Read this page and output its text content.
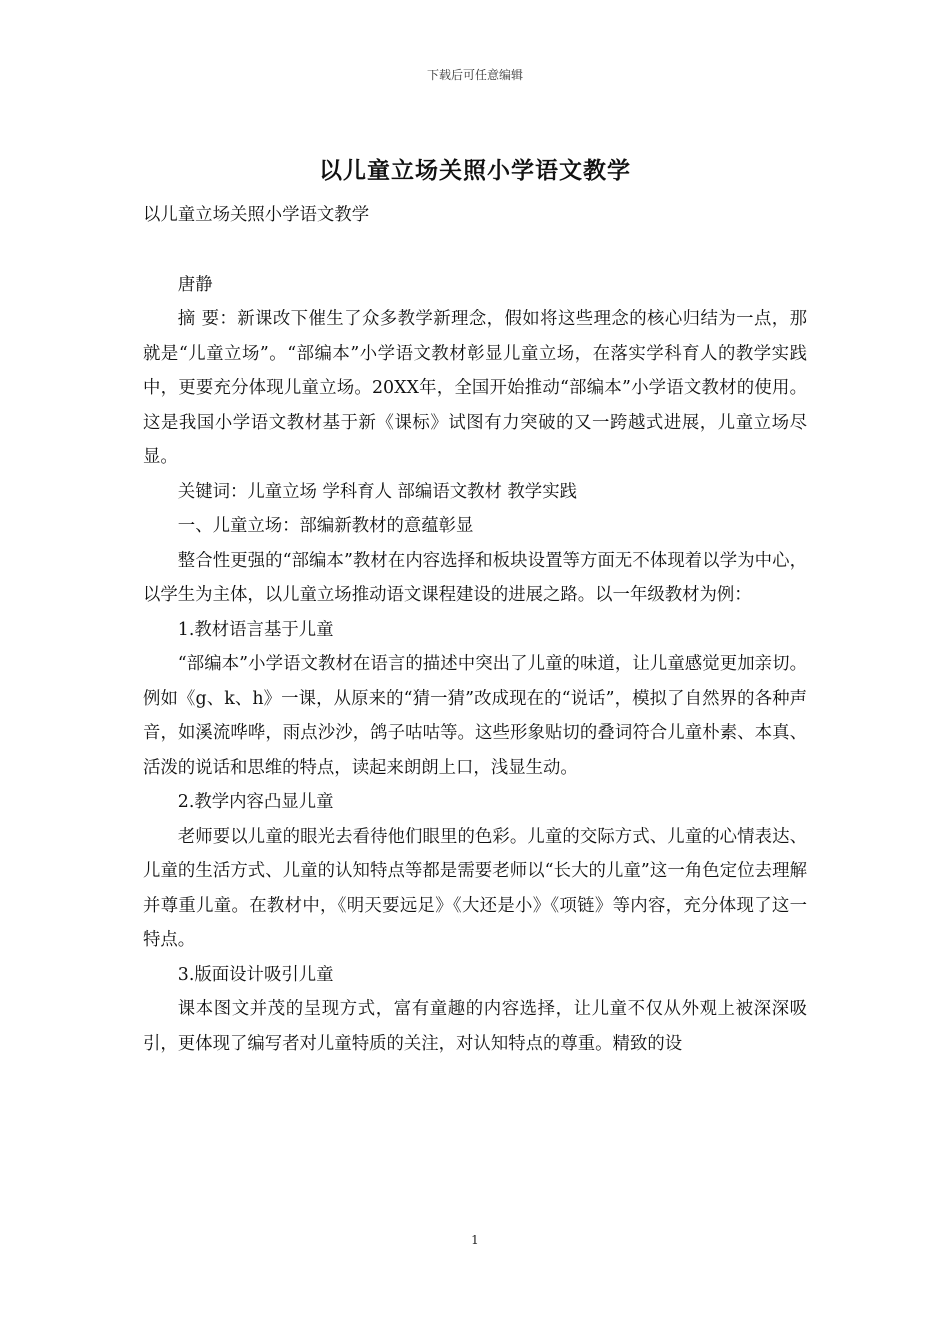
下载后可任意编辑
以儿童立场关照小学语文教学

以儿童立场关照小学语文教学

唐静

摘 要：新课改下催生了众多教学新理念，假如将这些理念的核心归结为一点，那就是“儿童立场”。“部编本”小学语文教材彰显儿童立场，在落实学科育人的教学实践中，更要充分体现儿童立场。20XX年，全国开始推动“部编本”小学语文教材的使用。这是我国小学语文教材基于新《课标》试图有力突破的又一跨越式进展，儿童立场尽显。

关键词：儿童立场 学科育人 部编语文教材 教学实践

一、儿童立场：部编新教材的意蕴彰显

整合性更强的“部编本”教材在内容选择和板块设置等方面无不体现着以学为中心，以学生为主体，以儿童立场推动语文课程建设的进展之路。以一年级教材为例：

1.教材语言基于儿童

“部编本”小学语文教材在语言的描述中突出了儿童的味道，让儿童感觉更加亲切。例如《g、k、h》一课，从原来的“猜一猜”改成现在的“说话”，模拟了自然界的各种声音，如溪流哗哗，雨点沙沙，鸽子咕咕等。这些形象贴切的叠词符合儿童朴素、本真、活泼的说话和思维的特点，读起来朗朗上口，浅显生动。

2.教学内容凸显儿童

老师要以儿童的眼光去看待他们眼里的色彩。儿童的交际方式、儿童的心情表达、儿童的生活方式、儿童的认知特点等都是需要老师以“长大的儿童”这一角色定位去理解并尊重儿童。在教材中，《明天要远足》《大还是小》《项链》等内容，充分体现了这一特点。

3.版面设计吸引儿童

课本图文并茂的呈现方式，富有童趣的内容选择，让儿童不仅从外观上被深深吸引，更体现了编写者对儿童特质的关注，对认知特点的尊重。精致的设

1
